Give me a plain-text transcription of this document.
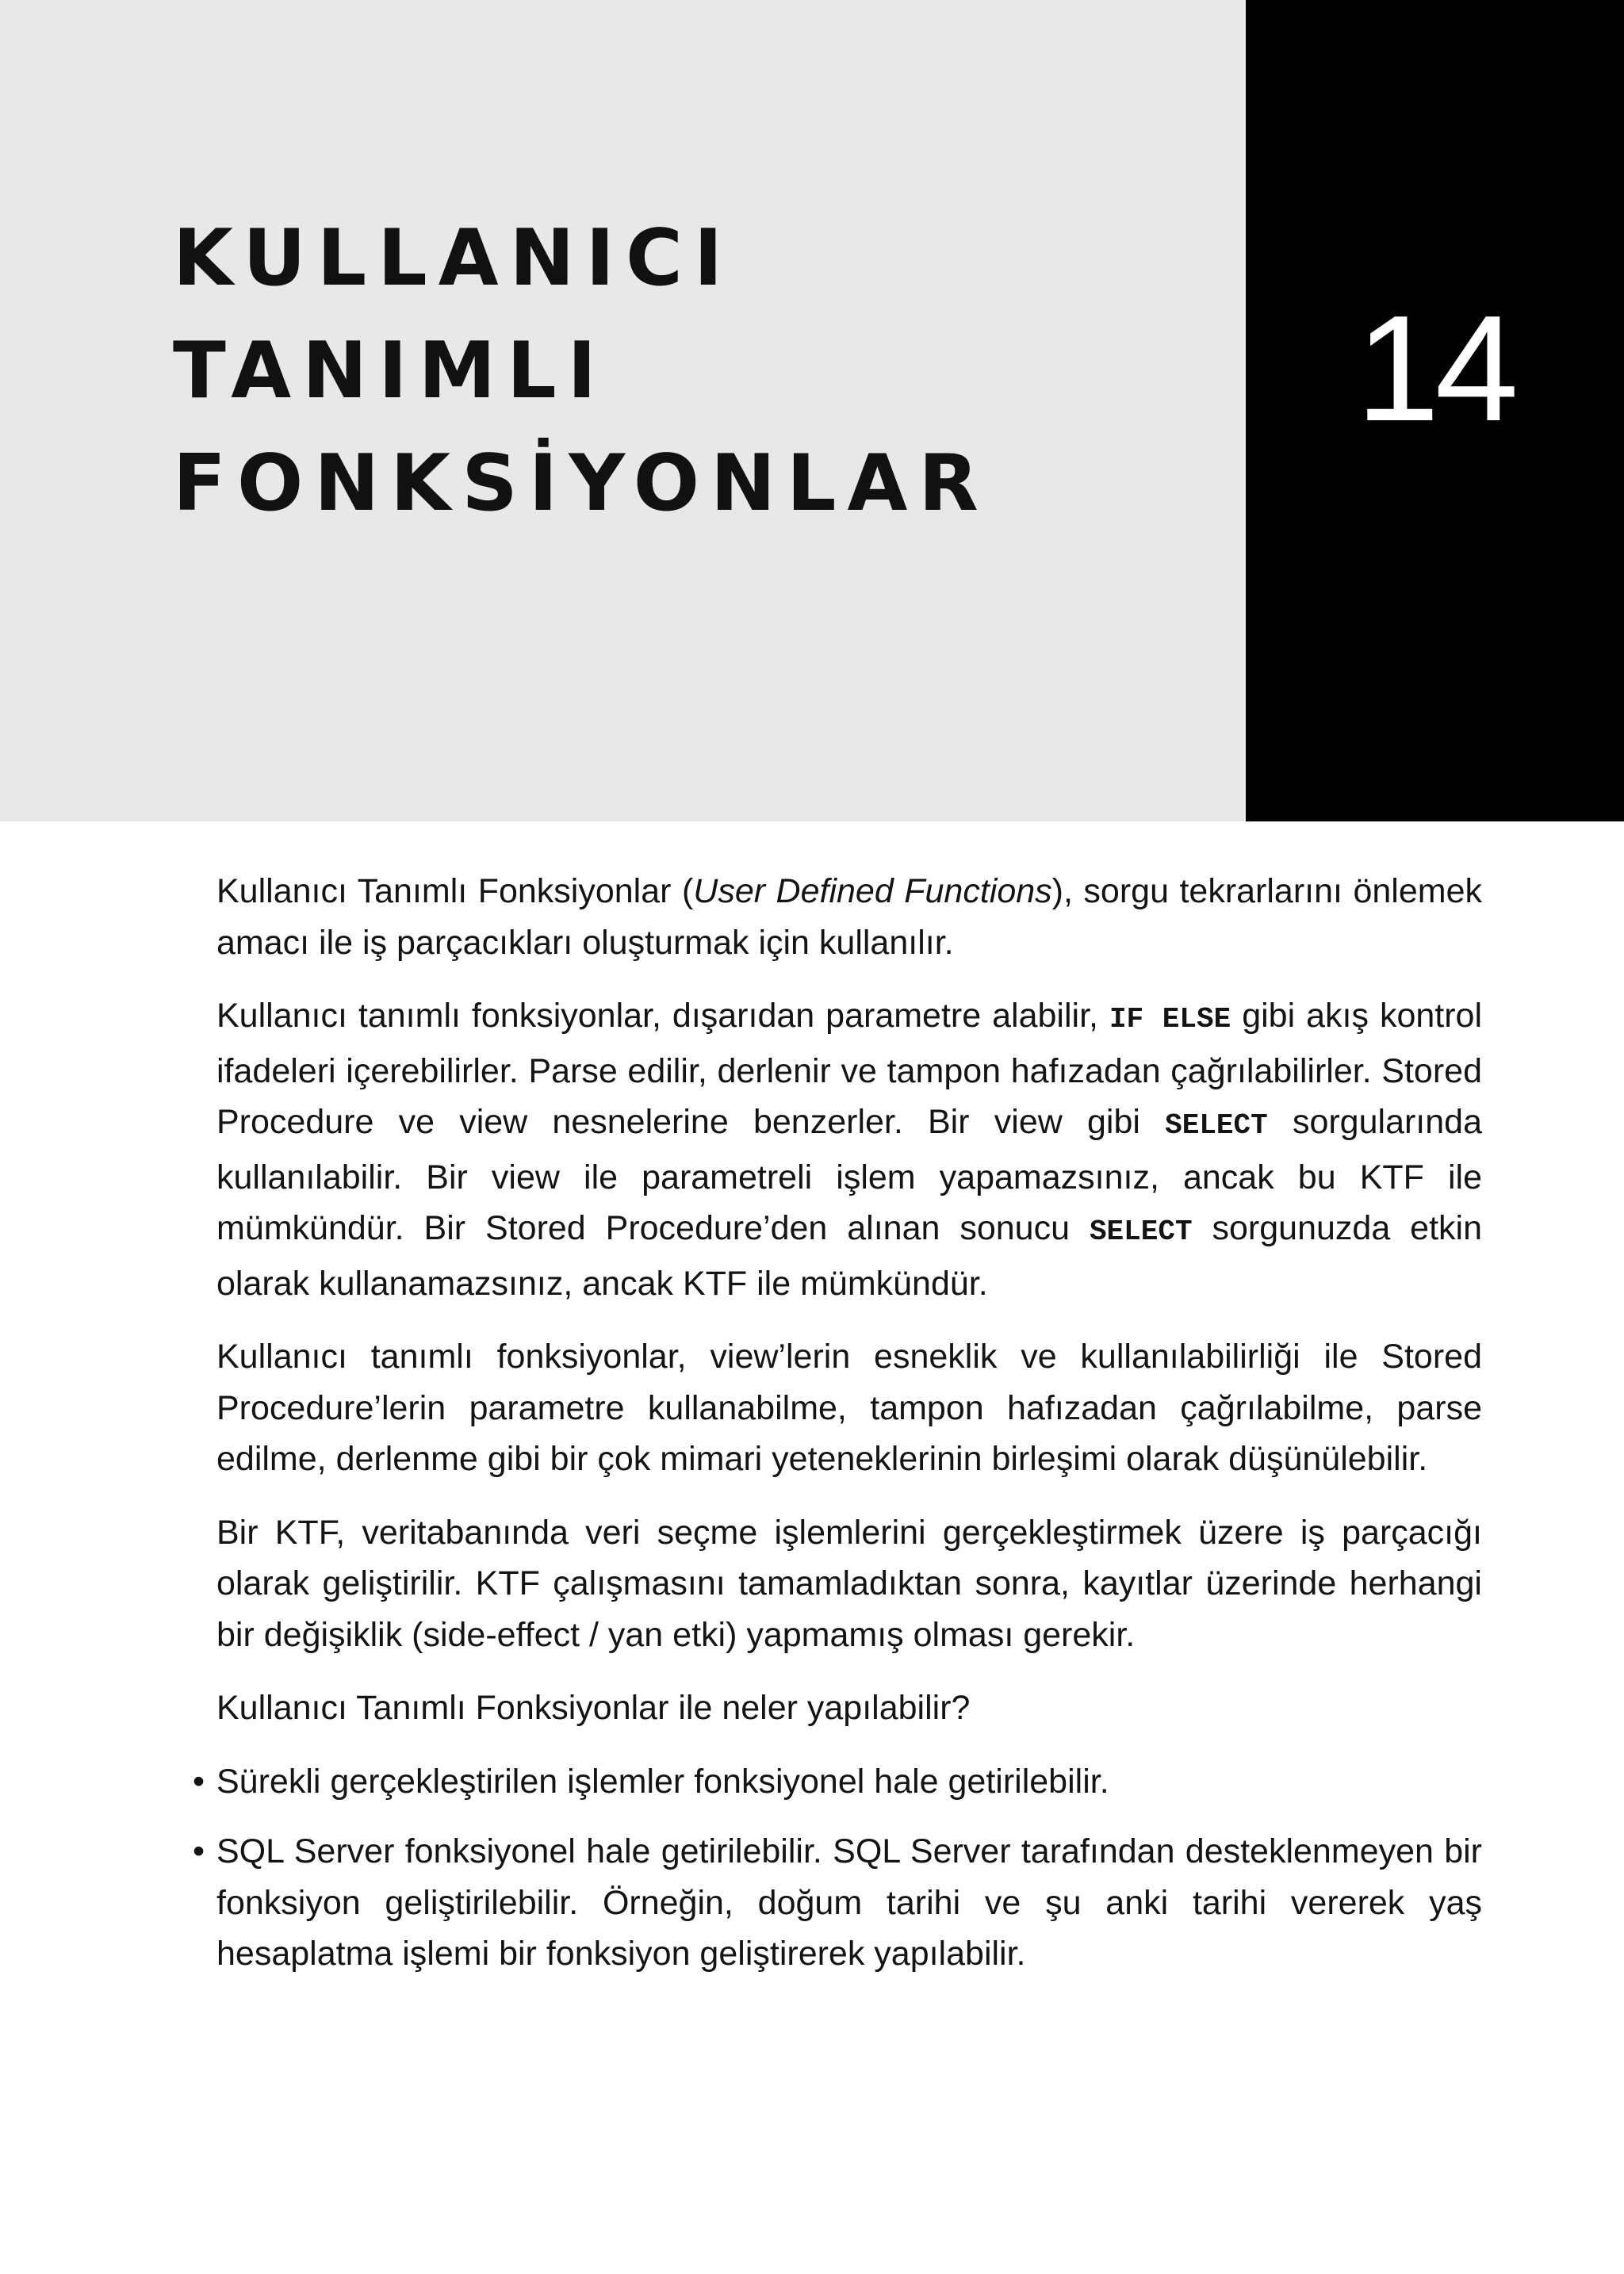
KULLANICI
TANIMLI
FONKSİYONLAR
14

Kullanıcı Tanımlı Fonksiyonlar (User Defined Functions), sorgu tekrarlarını önlemek amacı ile iş parçacıkları oluşturmak için kullanılır.

Kullanıcı tanımlı fonksiyonlar, dışarıdan parametre alabilir, IF ELSE gibi akış kontrol ifadeleri içerebilirler. Parse edilir, derlenir ve tampon hafızadan çağrılabilirler. Stored Procedure ve view nesnelerine benzerler. Bir view gibi SELECT sorgularında kullanılabilir. Bir view ile parametreli işlem yapamazsınız, ancak bu KTF ile mümkündür. Bir Stored Procedure’den alınan sonucu SELECT sorgunuzda etkin olarak kullanamazsınız, ancak KTF ile mümkündür.

Kullanıcı tanımlı fonksiyonlar, view’lerin esneklik ve kullanılabilirliği ile Stored Procedure’lerin parametre kullanabilme, tampon hafızadan çağrılabilme, parse edilme, derlenme gibi bir çok mimari yeteneklerinin birleşimi olarak düşünülebilir.

Bir KTF, veritabanında veri seçme işlemlerini gerçekleştirmek üzere iş parçacığı olarak geliştirilir. KTF çalışmasını tamamladıktan sonra, kayıtlar üzerinde herhangi bir değişiklik (side-effect / yan etki) yapmamış olması gerekir.

Kullanıcı Tanımlı Fonksiyonlar ile neler yapılabilir?

• Sürekli gerçekleştirilen işlemler fonksiyonel hale getirilebilir.
• SQL Server fonksiyonel hale getirilebilir. SQL Server tarafından desteklenmeyen bir fonksiyon geliştirilebilir. Örneğin, doğum tarihi ve şu anki tarihi vererek yaş hesaplatma işlemi bir fonksiyon geliştirerek yapılabilir.
